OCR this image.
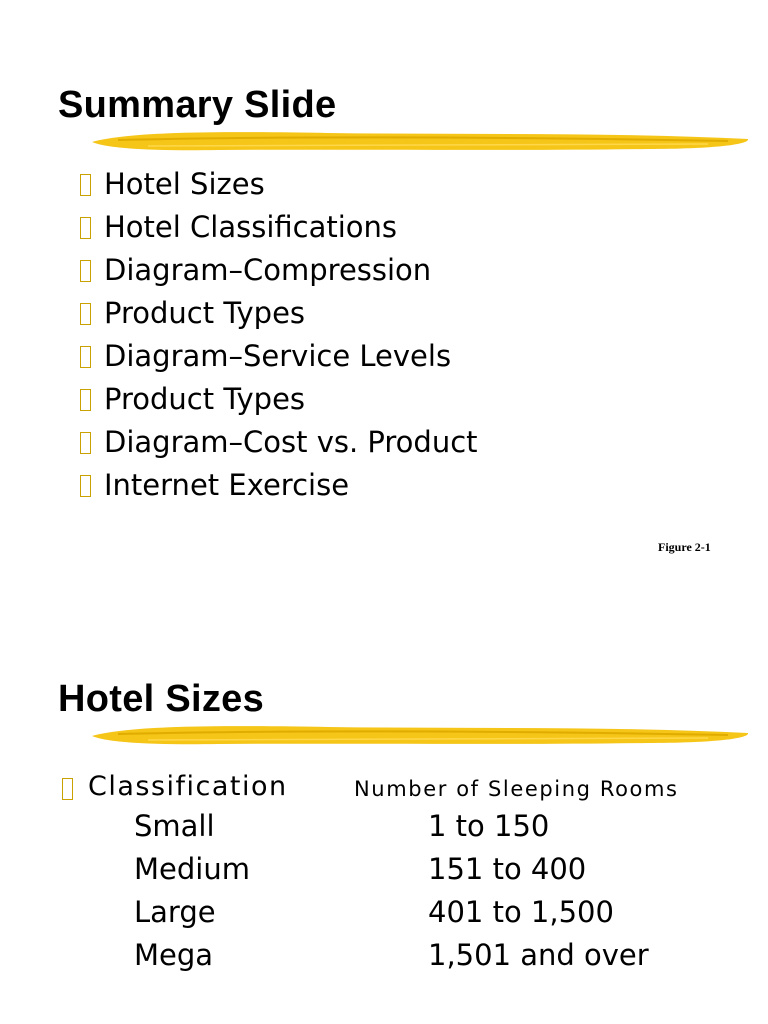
Summary Slide
Hotel Sizes
Hotel Classifications
Diagram–Compression
Product Types
Diagram–Service Levels
Product Types
Diagram–Cost vs. Product
Internet Exercise
Figure 2-1
Hotel Sizes
Classification	Number of Sleeping Rooms
Small	1 to 150
Medium	151 to 400
Large	401 to 1,500
Mega	1,501 and over
